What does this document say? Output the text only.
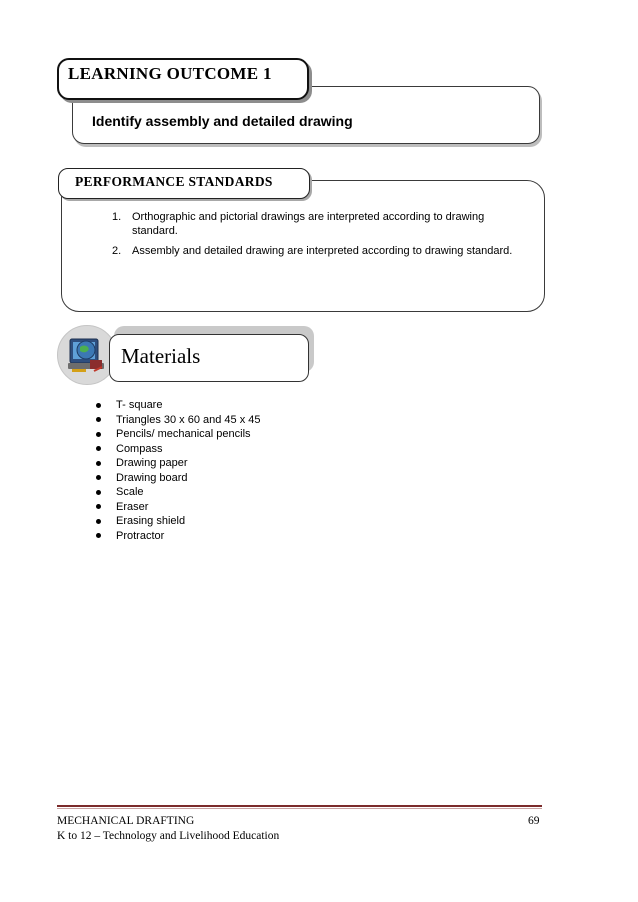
Identify assembly and detailed drawing
LEARNING OUTCOME 1
PERFORMANCE STANDARDS
1. Orthographic and pictorial drawings are interpreted according to drawing standard.
2. Assembly and detailed drawing are interpreted according to drawing standard.
Materials
T- square
Triangles 30 x 60 and 45 x 45
Pencils/ mechanical pencils
Compass
Drawing paper
Drawing board
Scale
Eraser
Erasing shield
Protractor
MECHANICAL DRAFTING
K to 12 – Technology and Livelihood Education
69
